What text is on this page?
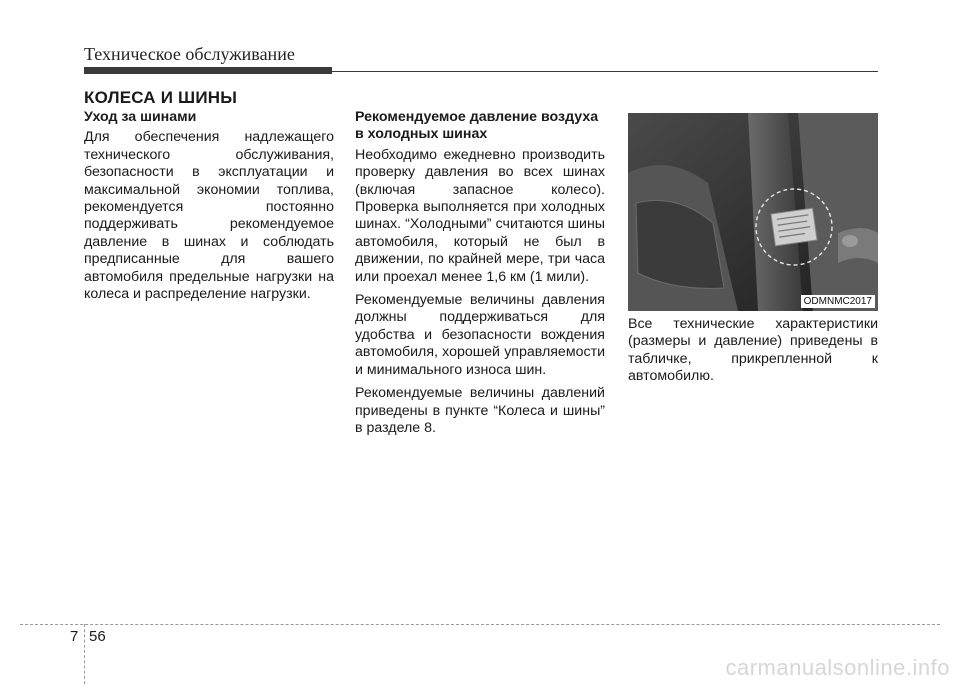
Техническое обслуживание
КОЛЕСА И ШИНЫ
Уход за шинами

Для обеспечения надлежащего технического обслуживания, безопасности в эксплуатации и максимальной экономии топлива, рекомендуется постоянно поддерживать рекомендуемое давление в шинах и соблюдать предписанные для вашего автомобиля предельные нагрузки на колеса и распределение нагрузки.

Рекомендуемое давление воздуха в холодных шинах

Необходимо ежедневно производить проверку давления во всех шинах (включая запасное колесо). Проверка выполняется при холодных шинах. “Холодными” считаются шины автомобиля, который не был в движении, по крайней мере, три часа или проехал менее 1,6 км (1 мили).

Рекомендуемые величины давления должны поддерживаться для удобства и безопасности вождения автомобиля, хорошей управляемости и минимального износа шин.

Рекомендуемые величины давлений приведены в пункте “Колеса и шины” в разделе 8.

ODMNMC2017

Все технические характеристики (размеры и давление) приведены в табличке, прикрепленной к автомобилю.

7 56
carmanualsonline.info
